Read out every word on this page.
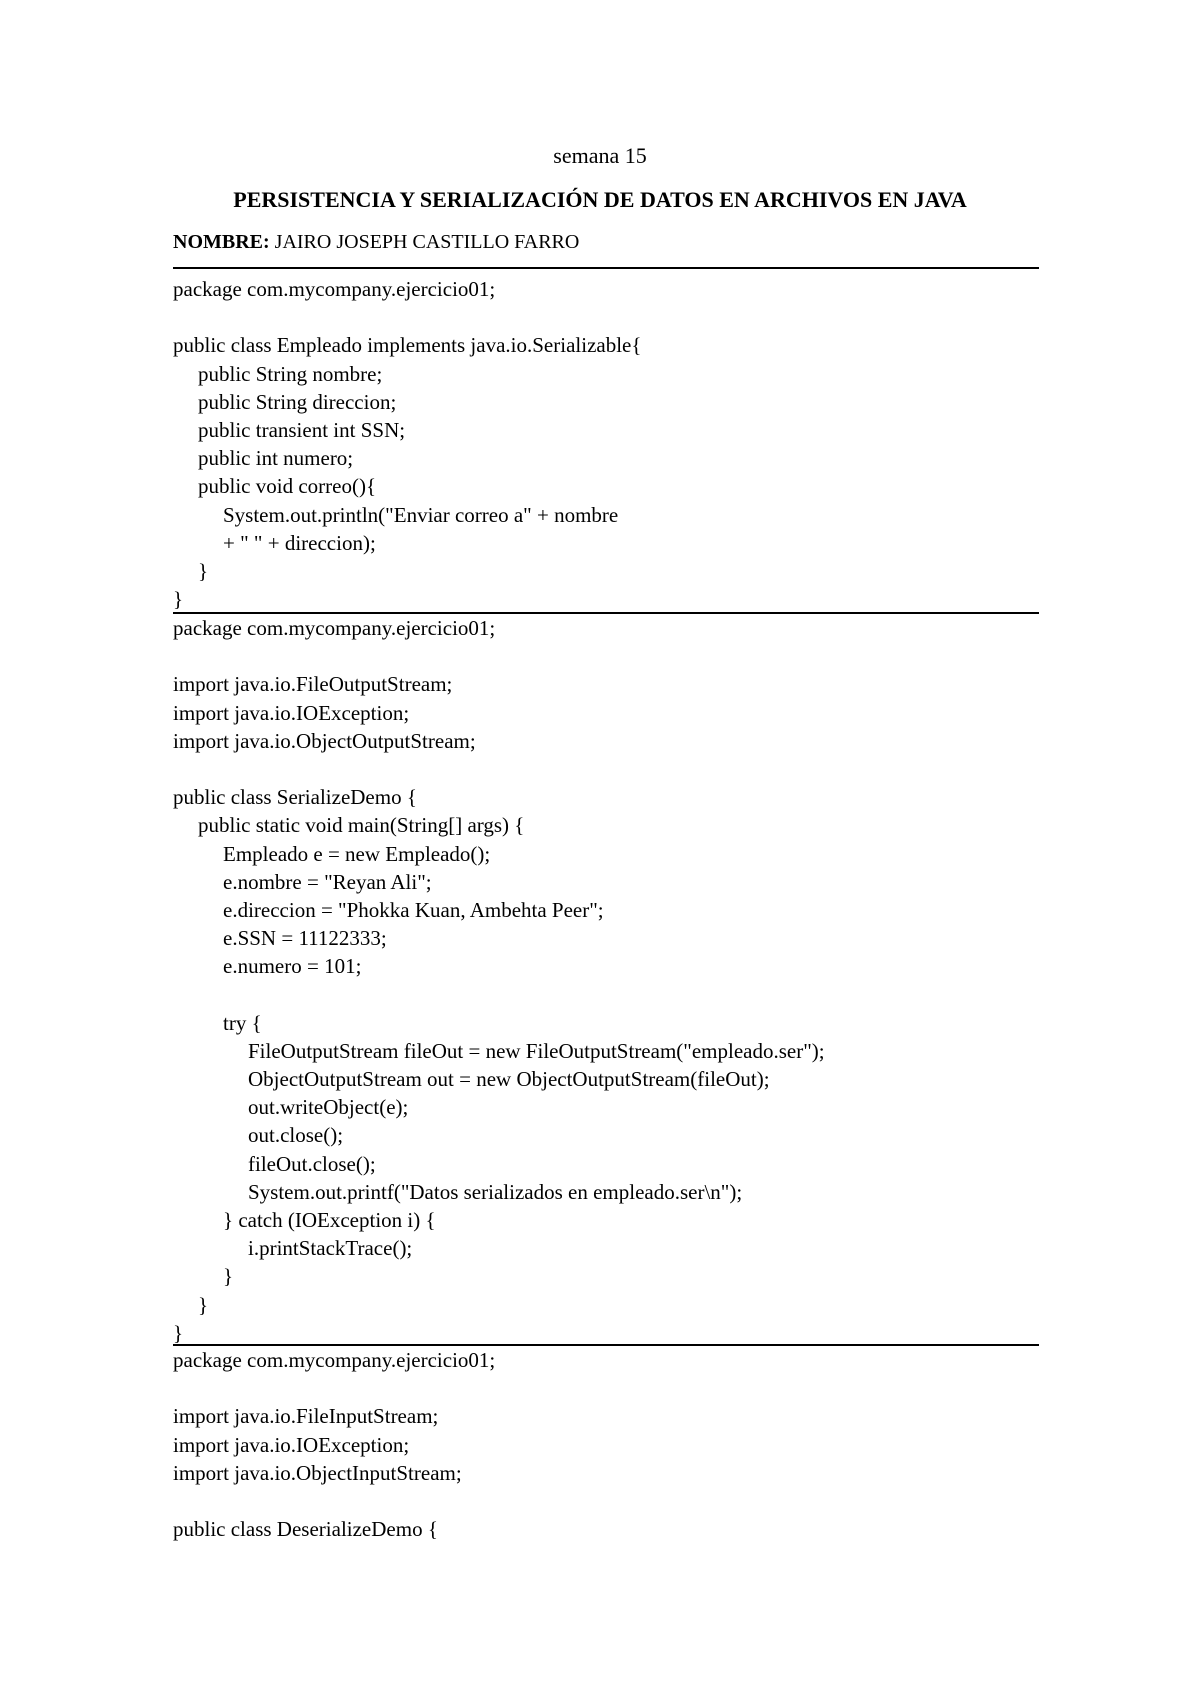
semana 15
PERSISTENCIA Y SERIALIZACIÓN DE DATOS EN ARCHIVOS EN JAVA
NOMBRE: JAIRO JOSEPH CASTILLO FARRO
package com.mycompany.ejercicio01;
public class Empleado implements java.io.Serializable{
public String nombre;
public String direccion;
public transient int SSN;
public int numero;
public void correo(){
System.out.println("Enviar correo a" + nombre
+ " " + direccion);
}
}
package com.mycompany.ejercicio01;
import java.io.FileOutputStream;
import java.io.IOException;
import java.io.ObjectOutputStream;
public class SerializeDemo {
public static void main(String[] args) {
Empleado e = new Empleado();
e.nombre = "Reyan Ali";
e.direccion = "Phokka Kuan, Ambehta Peer";
e.SSN = 11122333;
e.numero = 101;
try {
FileOutputStream fileOut = new FileOutputStream("empleado.ser");
ObjectOutputStream out = new ObjectOutputStream(fileOut);
out.writeObject(e);
out.close();
fileOut.close();
System.out.printf("Datos serializados en empleado.ser\n");
} catch (IOException i) {
i.printStackTrace();
}
}
}
package com.mycompany.ejercicio01;
import java.io.FileInputStream;
import java.io.IOException;
import java.io.ObjectInputStream;
public class DeserializeDemo {
